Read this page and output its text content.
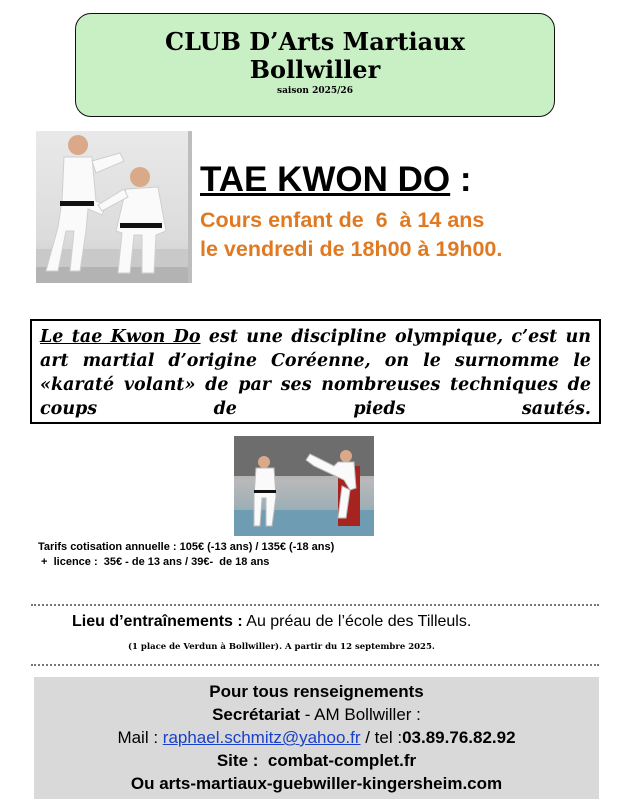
CLUB D’Arts Martiaux
Bollwiller
saison 2025/26
TAE KWON DO :
Cours enfant de  6  à 14 ans
le vendredi de 18h00 à 19h00.
Le tae Kwon Do est une discipline olympique, c’est un art martial d’origine Coréenne, on le surnomme le «karaté volant» de par ses nombreuses techniques de coups de pieds sautés.
Tarifs cotisation annuelle : 105€ (-13 ans) / 135€ (-18 ans)
+  licence :  35€ - de 13 ans / 39€-  de 18 ans
Lieu d’entraînements : Au préau de l’école des Tilleuls.
(1 place de Verdun à Bollwiller). A partir du 12 septembre 2025.
Pour tous renseignements
Secrétariat - AM Bollwiller :
Mail : raphael.schmitz@yahoo.fr / tel :03.89.76.82.92
Site :  combat-complet.fr
Ou arts-martiaux-guebwiller-kingersheim.com
